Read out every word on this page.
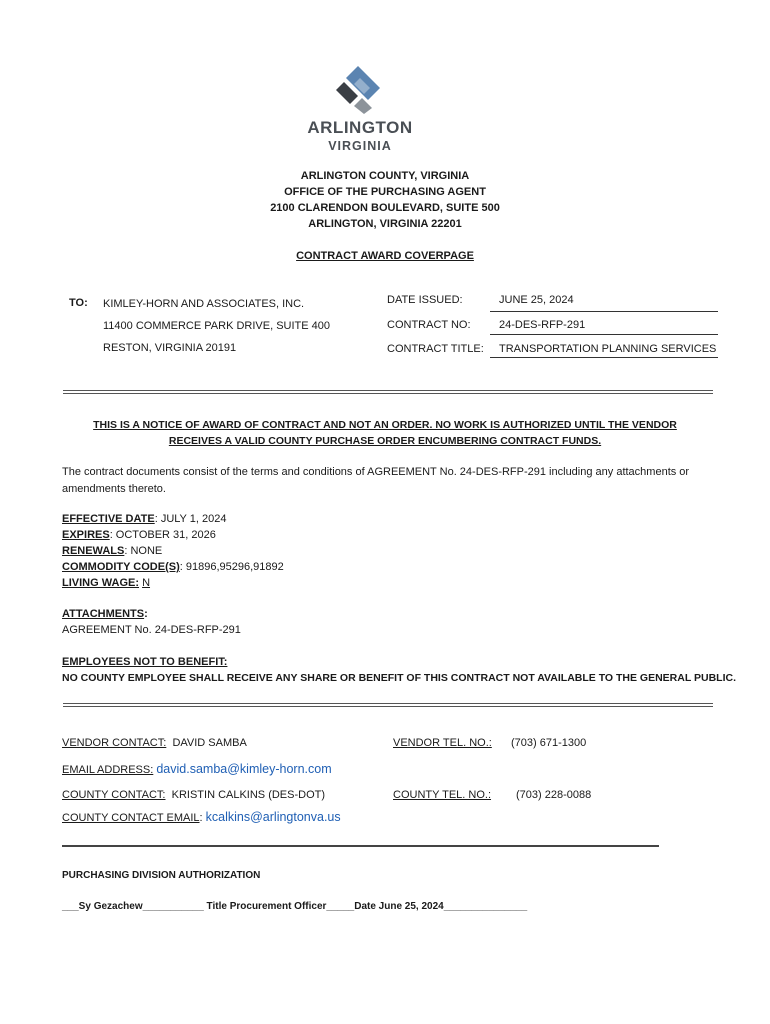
ARLINGTON
VIRGINIA
ARLINGTON COUNTY, VIRGINIA
OFFICE OF THE PURCHASING AGENT
2100 CLARENDON BOULEVARD, SUITE 500
ARLINGTON, VIRGINIA 22201
CONTRACT AWARD COVERPAGE
TO: KIMLEY-HORN AND ASSOCIATES, INC.
11400 COMMERCE PARK DRIVE, SUITE 400
RESTON, VIRGINIA 20191
DATE ISSUED:	JUNE 25, 2024
CONTRACT NO:	24-DES-RFP-291
CONTRACT TITLE: TRANSPORTATION PLANNING SERVICES
THIS IS A NOTICE OF AWARD OF CONTRACT AND NOT AN ORDER. NO WORK IS AUTHORIZED UNTIL THE VENDOR
RECEIVES A VALID COUNTY PURCHASE ORDER ENCUMBERING CONTRACT FUNDS.
The contract documents consist of the terms and conditions of AGREEMENT No. 24-DES-RFP-291 including any attachments or amendments thereto.
EFFECTIVE DATE: JULY 1, 2024
EXPIRES: OCTOBER 31, 2026
RENEWALS: NONE
COMMODITY CODE(S): 91896,95296,91892
LIVING WAGE: N
ATTACHMENTS:
AGREEMENT No. 24-DES-RFP-291
EMPLOYEES NOT TO BENEFIT:
NO COUNTY EMPLOYEE SHALL RECEIVE ANY SHARE OR BENEFIT OF THIS CONTRACT NOT AVAILABLE TO THE GENERAL PUBLIC.
VENDOR CONTACT: DAVID SAMBA	VENDOR TEL. NO.: (703) 671-1300
EMAIL ADDRESS: david.samba@kimley-horn.com
COUNTY CONTACT: KRISTIN CALKINS (DES-DOT)	COUNTY TEL. NO.: (703) 228-0088
COUNTY CONTACT EMAIL: kcalkins@arlingtonva.us
PURCHASING DIVISION AUTHORIZATION
___Sy Gezachew___________ Title Procurement Officer_____Date June 25, 2024_______________
